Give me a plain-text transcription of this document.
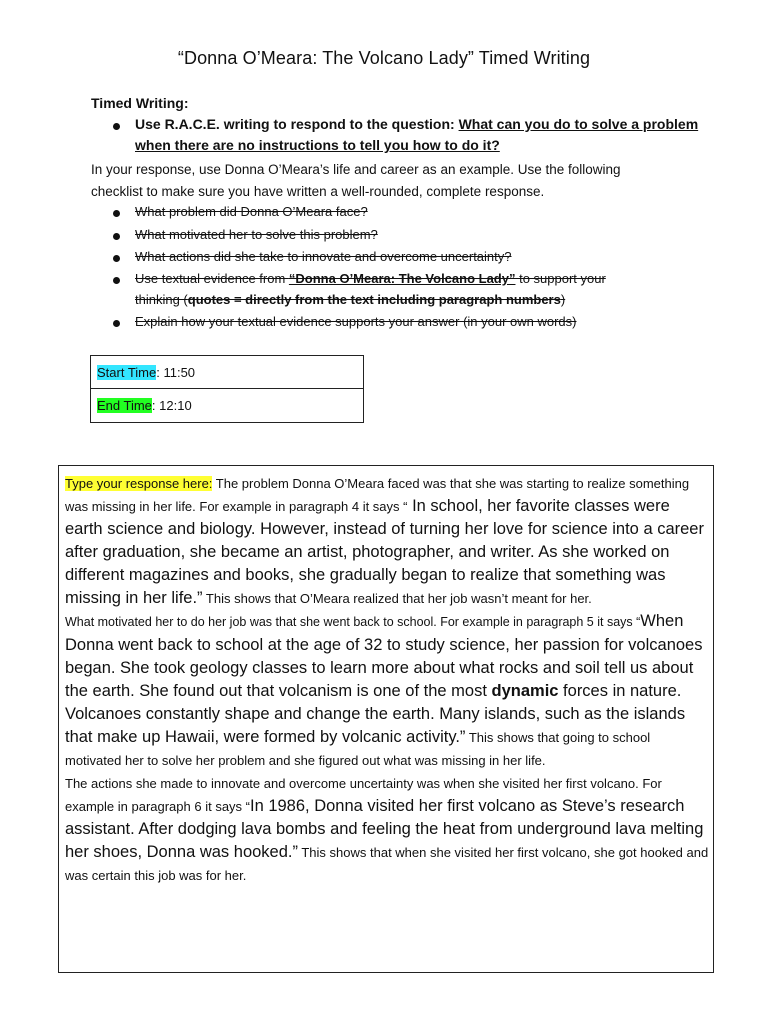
“Donna O’Meara: The Volcano Lady” Timed Writing
Timed Writing:
Use R.A.C.E. writing to respond to the question: What can you do to solve a problem
when there are no instructions to tell you how to do it?
In your response, use Donna O’Meara’s life and career as an example. Use the following checklist to make sure you have written a well-rounded, complete response.
What problem did Donna O’Meara face?
What motivated her to solve this problem?
What actions did she take to innovate and overcome uncertainty?
Use textual evidence from “Donna O’Meara: The Volcano Lady” to support your
thinking (quotes = directly from the text including paragraph numbers)
Explain how your textual evidence supports your answer (in your own words)
Start Time: 11:50
End Time: 12:10
Type your response here: The problem Donna O’Meara faced was that she was starting to realize something was missing in her life. For example in paragraph 4 it says “ In school, her favorite classes were earth science and biology. However, instead of turning her love for science into a career after graduation, she became an artist, photographer, and writer. As she worked on different magazines and books, she gradually began to realize that something was missing in her life.” This shows that O’Meara realized that her job wasn’t meant for her.
What motivated her to do her job was that she went back to school. For example in paragraph 5 it says “When Donna went back to school at the age of 32 to study science, her passion for volcanoes began. She took geology classes to learn more about what rocks and soil tell us about the earth. She found out that volcanism is one of the most dynamic forces in nature. Volcanoes constantly shape and change the earth. Many islands, such as the islands that make up Hawaii, were formed by volcanic activity.” This shows that going to school motivated her to solve her problem and she figured out what was missing in her life.
The actions she made to innovate and overcome uncertainty was when she visited her first volcano. For example in paragraph 6 it says “In 1986, Donna visited her first volcano as Steve’s research assistant. After dodging lava bombs and feeling the heat from underground lava melting her shoes, Donna was hooked.” This shows that when she visited her first volcano, she got hooked and was certain this job was for her.
